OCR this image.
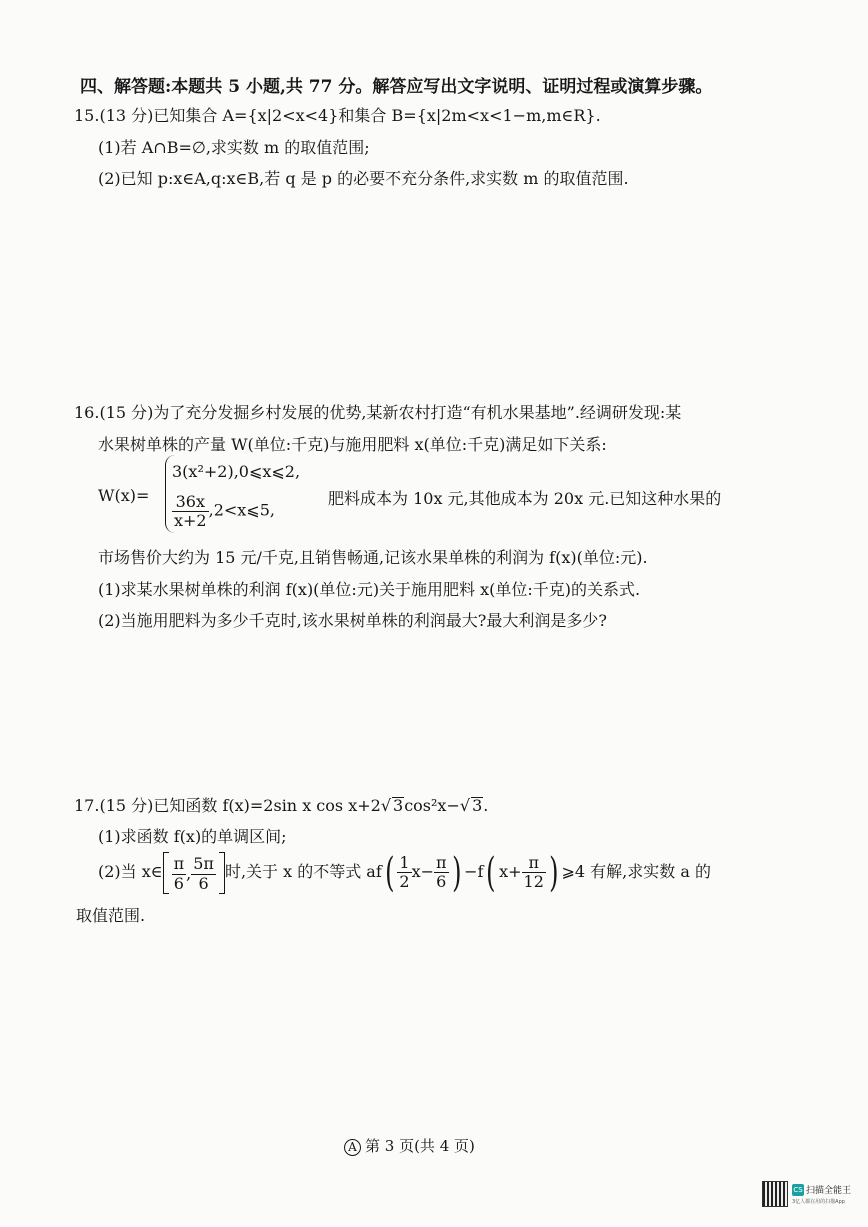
四、解答题:本题共 5 小题,共 77 分。解答应写出文字说明、证明过程或演算步骤。
15.(13 分)已知集合 A={x|2<x<4}和集合 B={x|2m<x<1−m,m∈R}.
(1)若 A∩B=∅,求实数 m 的取值范围;
(2)已知 p:x∈A,q:x∈B,若 q 是 p 的必要不充分条件,求实数 m 的取值范围.
16.(15 分)为了充分发掘乡村发展的优势,某新农村打造“有机水果基地”.经调研发现:某
水果树单株的产量 W(单位:千克)与施用肥料 x(单位:千克)满足如下关系:
W(x)=
3(x²+2),0⩽x⩽2,
$\frac{36x}{x+2}$ ,2<x⩽5,
肥料成本为 10x 元,其他成本为 20x 元.已知这种水果的
市场售价大约为 15 元/千克,且销售畅通,记该水果单株的利润为 f(x)(单位:元).
(1)求某水果树单株的利润 f(x)(单位:元)关于施用肥料 x(单位:千克)的关系式.
(2)当施用肥料为多少千克时,该水果树单株的利润最大?最大利润是多少?
17.(15 分)已知函数 f(x)=2sin x cos x+2√ 3cos²x−√ 3.
(1)求函数 f(x)的单调区间;
(2)当 x∈ $\frac{\pi}{6}$ , $\frac{5\pi}{6}$ 时,关于 x 的不等式 $af( \frac{1}{2} x- \frac{\pi}{6}$ ) −f( $x+ \frac{\pi}{12}$ ) ⩾4 有解,求实数 a 的
取值范围.
A 第 3 页(共 4 页)
CS 扫描全能王
3亿人都在用的扫描App
